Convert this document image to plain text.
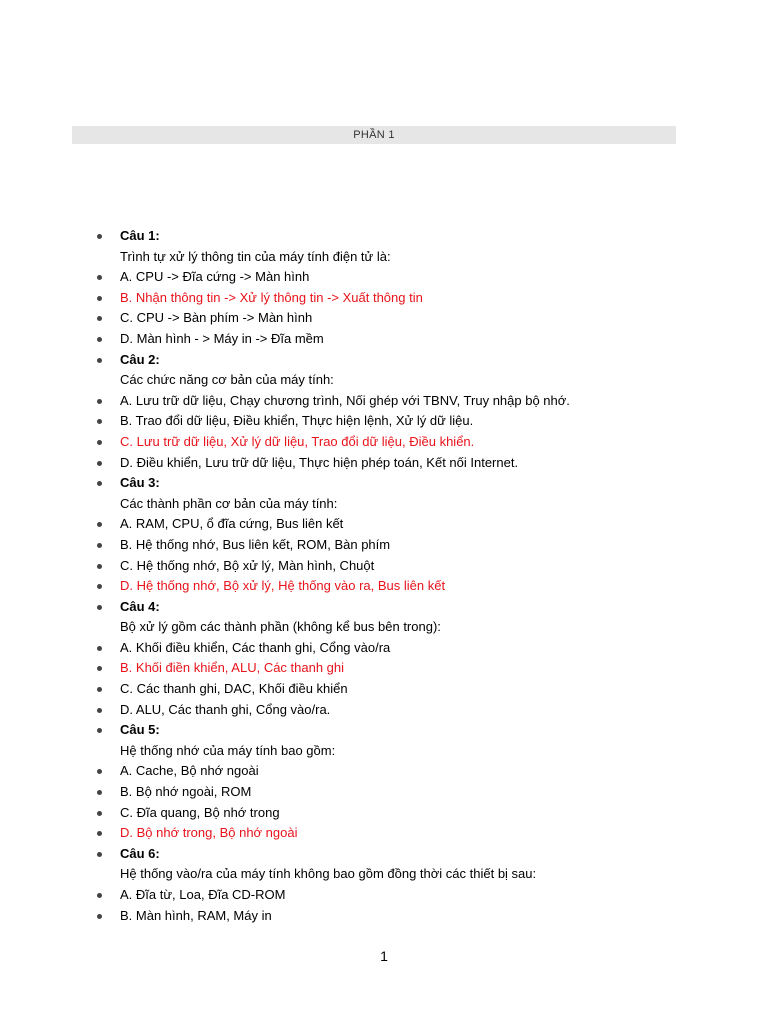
PHẦN 1
Câu 1:
Trình tự xử lý thông tin của máy tính điện tử là:
A. CPU -> Đĩa cứng -> Màn hình
B. Nhận thông tin -> Xử lý thông tin -> Xuất thông tin
C. CPU -> Bàn phím -> Màn hình
D. Màn hình - > Máy in -> Đĩa mềm
Câu 2:
Các chức năng cơ bản của máy tính:
A. Lưu trữ dữ liệu, Chạy chương trình, Nối ghép với TBNV, Truy nhập bộ nhớ.
B. Trao đổi dữ liệu, Điều khiển, Thực hiện lệnh, Xử lý dữ liệu.
C. Lưu trữ dữ liệu, Xử lý dữ liệu, Trao đổi dữ liệu, Điều khiển.
D. Điều khiển, Lưu trữ dữ liệu, Thực hiện phép toán, Kết nối Internet.
Câu 3:
Các thành phần cơ bản của máy tính:
A. RAM, CPU, ổ đĩa cứng, Bus liên kết
B. Hệ thống nhớ, Bus liên kết, ROM, Bàn phím
C. Hệ thống nhớ, Bộ xử lý, Màn hình, Chuột
D. Hệ thống nhớ, Bộ xử lý, Hệ thống vào ra, Bus liên kết
Câu 4:
Bộ xử lý gồm các thành phần (không kể bus bên trong):
A. Khối điều khiển, Các thanh ghi, Cổng vào/ra
B. Khối điền khiển, ALU, Các thanh ghi
C. Các thanh ghi, DAC, Khối điều khiển
D. ALU, Các thanh ghi, Cổng vào/ra.
Câu 5:
Hệ thống nhớ của máy tính bao gồm:
A. Cache, Bộ nhớ ngoài
B. Bộ nhớ ngoài, ROM
C. Đĩa quang, Bộ nhớ trong
D. Bộ nhớ trong, Bộ nhớ ngoài
Câu 6:
Hệ thống vào/ra của máy tính không bao gồm đồng thời các thiết bị sau:
A. Đĩa từ, Loa, Đĩa CD-ROM
B. Màn hình, RAM, Máy in
1
